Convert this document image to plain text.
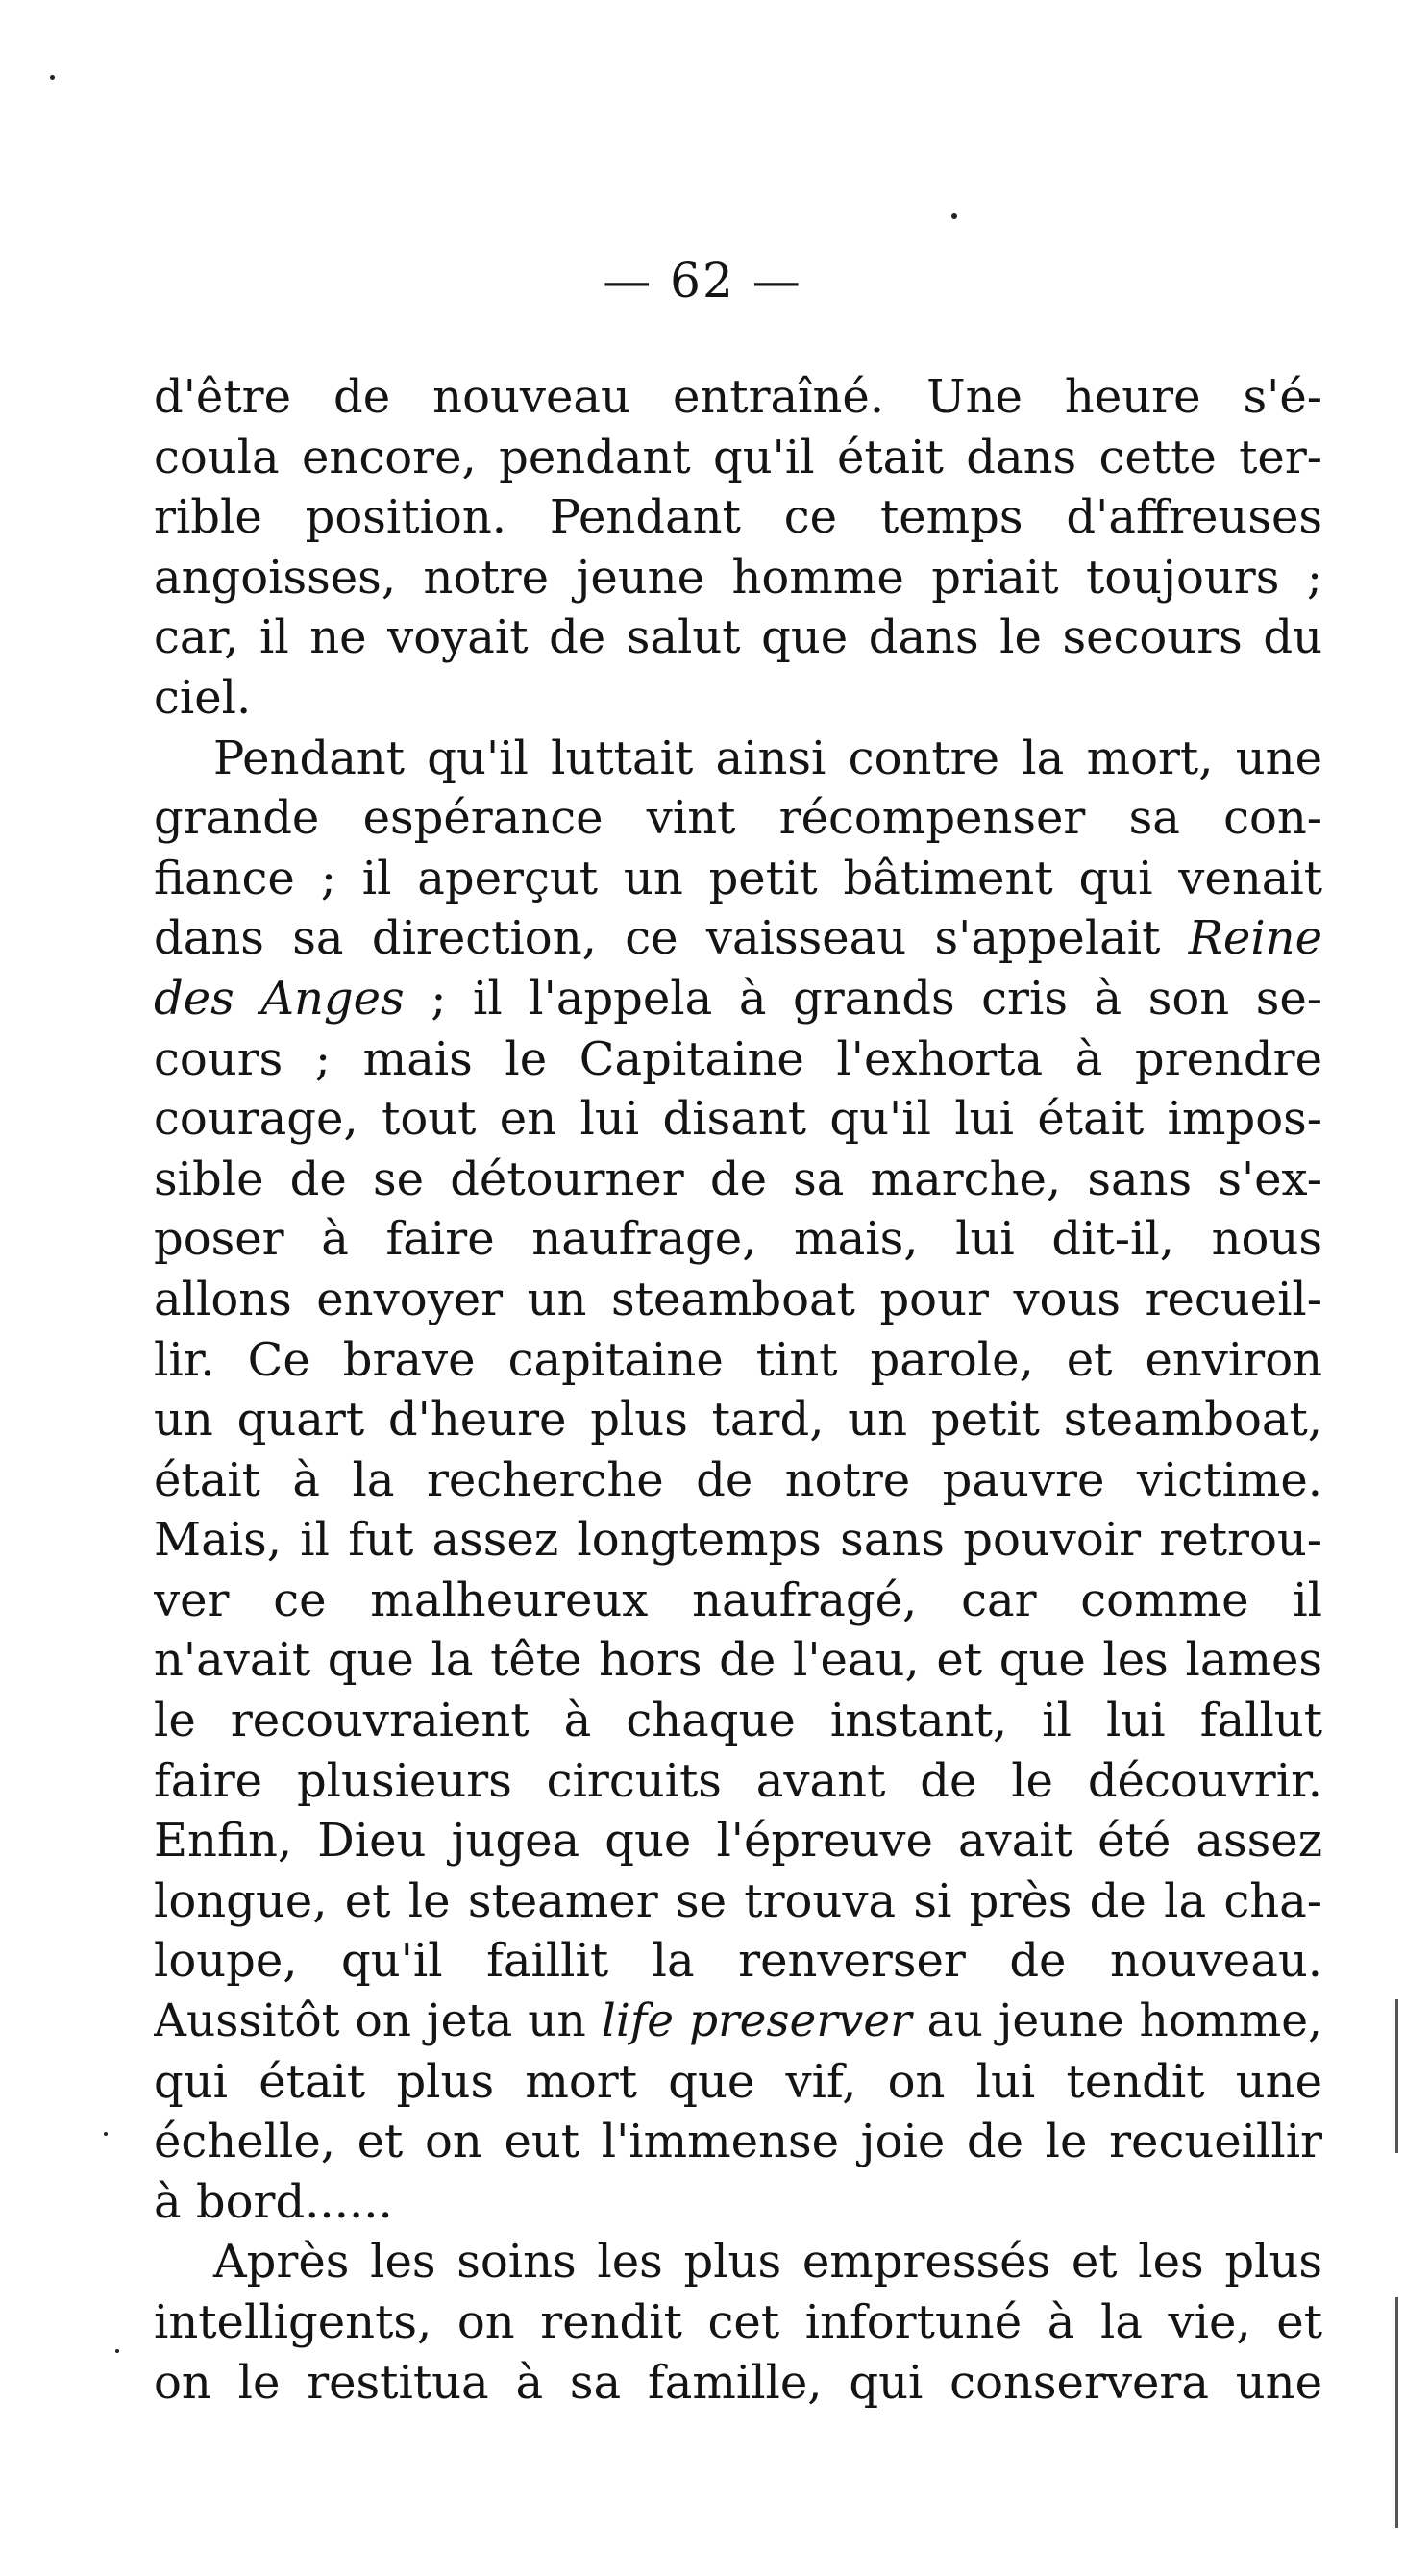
— 62 —
d'être de nouveau entraîné. Une heure s'é-
coula encore, pendant qu'il était dans cette ter-
rible position. Pendant ce temps d'affreuses
angoisses, notre jeune homme priait toujours ;
car, il ne voyait de salut que dans le secours du
ciel.
Pendant qu'il luttait ainsi contre la mort, une
grande espérance vint récompenser sa con-
fiance ; il aperçut un petit bâtiment qui venait
dans sa direction, ce vaisseau s'appelait Reine
des Anges ; il l'appela à grands cris à son se-
cours ; mais le Capitaine l'exhorta à prendre
courage, tout en lui disant qu'il lui était impos-
sible de se détourner de sa marche, sans s'ex-
poser à faire naufrage, mais, lui dit-il, nous
allons envoyer un steamboat pour vous recueil-
lir. Ce brave capitaine tint parole, et environ
un quart d'heure plus tard, un petit steamboat,
était à la recherche de notre pauvre victime.
Mais, il fut assez longtemps sans pouvoir retrou-
ver ce malheureux naufragé, car comme il
n'avait que la tête hors de l'eau, et que les lames
le recouvraient à chaque instant, il lui fallut
faire plusieurs circuits avant de le découvrir.
Enfin, Dieu jugea que l'épreuve avait été assez
longue, et le steamer se trouva si près de la cha-
loupe, qu'il faillit la renverser de nouveau.
Aussitôt on jeta un life preserver au jeune homme,
qui était plus mort que vif, on lui tendit une
échelle, et on eut l'immense joie de le recueillir
à bord......
Après les soins les plus empressés et les plus
intelligents, on rendit cet infortuné à la vie, et
on le restitua à sa famille, qui conservera une
